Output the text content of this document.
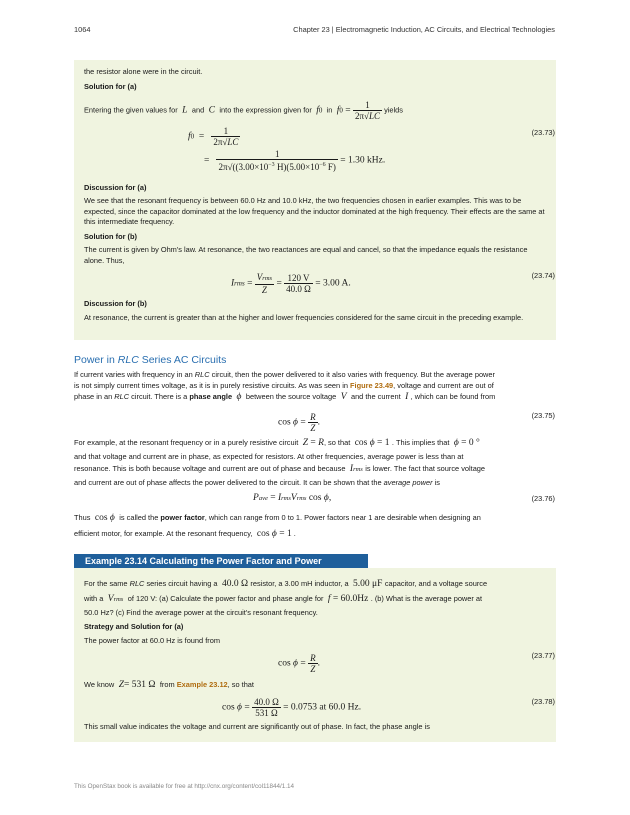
1064	Chapter 23 | Electromagnetic Induction, AC Circuits, and Electrical Technologies
the resistor alone were in the circuit.
Solution for (a)
Entering the given values for  L  and  C  into the expression given for  f0 in  $f0 = \frac{1}{2\pi√LC}$ yields
$f0 = \frac{1}{2\pi√LC}$	(23.73)
= $\frac{1}{2\pi√((3.00\times 10^{-3} H)(5.00\times 10^{-6} F)} = 1.30$ kHz.
Discussion for (a)
We see that the resonant frequency is between 60.0 Hz and 10.0 kHz, the two frequencies chosen in earlier examples. This was to be expected, since the capacitor dominated at the low frequency and the inductor dominated at the high frequency. Their effects are the same at this intermediate frequency.
Solution for (b)
The current is given by Ohm's law. At resonance, the two reactances are equal and cancel, so that the impedance equals the resistance alone. Thus,
Irms = $\frac{\text{Vrms}}{Z} = \frac{120 V}{40.0 \Omega} = 3.00$ A.
(23.74)
Discussion for (b)
At resonance, the current is greater than at the higher and lower frequencies considered for the same circuit in the preceding example.
Power in RLC Series AC Circuits
If current varies with frequency in an RLC circuit, then the power delivered to it also varies with frequency. But the average power
is not simply current times voltage, as it is in purely resistive circuits. As was seen in Figure 23.49, voltage and current are out of
phase in an RLC circuit. There is a phase angle  ϕ  between the source voltage  V  and the current  I , which can be found from
$\cos \phi = \frac{R}{Z}$ .
(23.75)
For example, at the resonant frequency or in a purely resistive circuit  Z = R, so that  cos ϕ = 1 . This implies that ϕ = 0 °
and that voltage and current are in phase, as expected for resistors. At other frequencies, average power is less than at
resonance. This is both because voltage and current are out of phase and because  Irms is lower. The fact that source voltage
and current are out of phase affects the power delivered to the circuit. It can be shown that the average power is
Pave = IrmsVrms cos ϕ,	(23.76)
Thus  cos ϕ is called the power factor, which can range from 0 to 1. Power factors near 1 are desirable when designing an
efficient motor, for example. At the resonant frequency,  cos ϕ = 1 .
Example 23.14 Calculating the Power Factor and Power
For the same RLC series circuit having a  40.0 Ω resistor, a 3.00 mH inductor, a  5.00 μF capacitor, and a voltage source
with a Vrms of 120 V: (a) Calculate the power factor and phase angle for f = 60.0Hz . (b) What is the average power at
50.0 Hz? (c) Find the average power at the circuit's resonant frequency.
Strategy and Solution for (a)
The power factor at 60.0 Hz is found from
$\cos \phi = \frac{R}{Z}$ .
(23.77)
We know  Z= 531 Ω  from Example 23.12, so that
$\cos \phi = \frac{40.0 \Omega}{531 \Omega} = 0.0753$ at 60.0 Hz.
(23.78)
This small value indicates the voltage and current are significantly out of phase. In fact, the phase angle is
This OpenStax book is available for free at http://cnx.org/content/col11844/1.14
